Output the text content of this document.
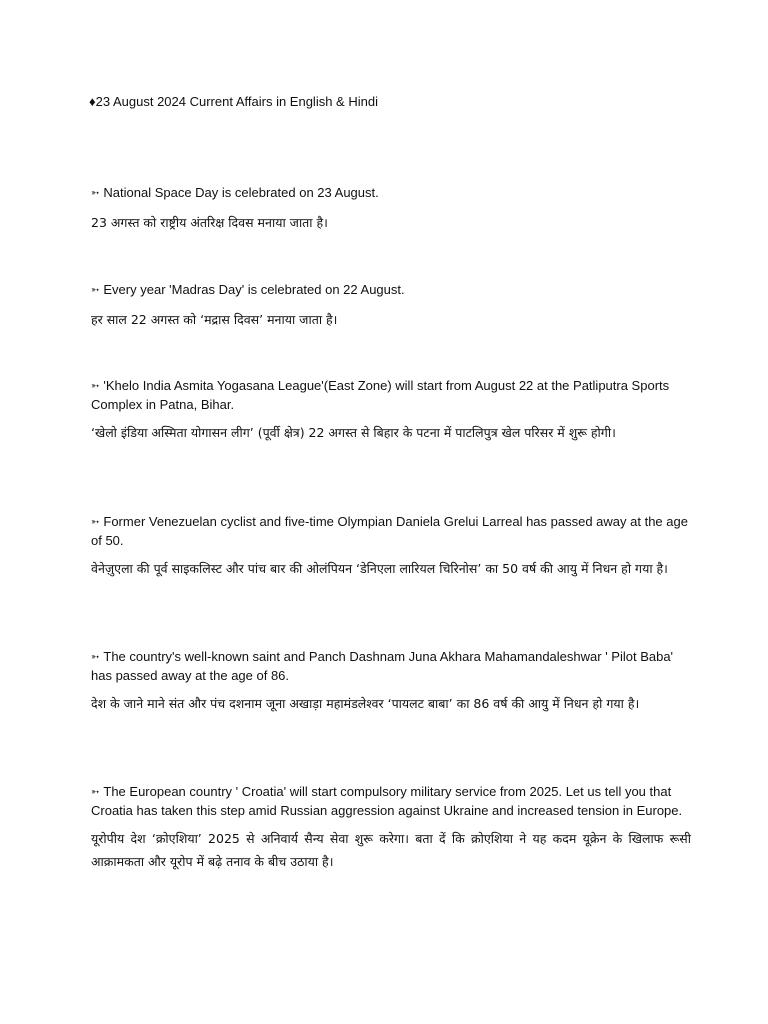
♦23 August 2024 Current Affairs in English & Hindi

➳ National Space Day is celebrated on 23 August.

23 अगस्त को राष्ट्रीय अंतरिक्ष दिवस मनाया जाता है।

➳ Every year 'Madras Day' is celebrated on 22 August.

हर साल 22 अगस्त को ‘मद्रास दिवस’ मनाया जाता है।

➳ 'Khelo India Asmita Yogasana League'(East Zone) will start from August 22 at the Patliputra Sports Complex in Patna, Bihar.

‘खेलो इंडिया अस्मिता योगासन लीग’ (पूर्वी क्षेत्र) 22 अगस्त से बिहार के पटना में पाटलिपुत्र खेल परिसर में शुरू होगी।

➳ Former Venezuelan cyclist and five-time Olympian Daniela Grelui Larreal has passed away at the age of 50.

वेनेज़ुएला की पूर्व साइकलिस्ट और पांच बार की ओलंपियन ‘डेनिएला लारियल चिरिनोस’ का 50 वर्ष की आयु में निधन हो गया है।

➳ The country's well-known saint and Panch Dashnam Juna Akhara Mahamandaleshwar ' Pilot Baba' has passed away at the age of 86.

देश के जाने माने संत और पंच दशनाम जूना अखाड़ा महामंडलेश्वर ‘पायलट बाबा’ का 86 वर्ष की आयु में निधन हो गया है।

➳ The European country ' Croatia' will start compulsory military service from 2025. Let us tell you that Croatia has taken this step amid Russian aggression against Ukraine and increased tension in Europe.

यूरोपीय देश ‘क्रोएशिया’ 2025 से अनिवार्य सैन्य सेवा शुरू करेगा। बता दें कि क्रोएशिया ने यह कदम यूक्रेन के खिलाफ रूसी आक्रामकता और यूरोप में बढ़े तनाव के बीच उठाया है।
